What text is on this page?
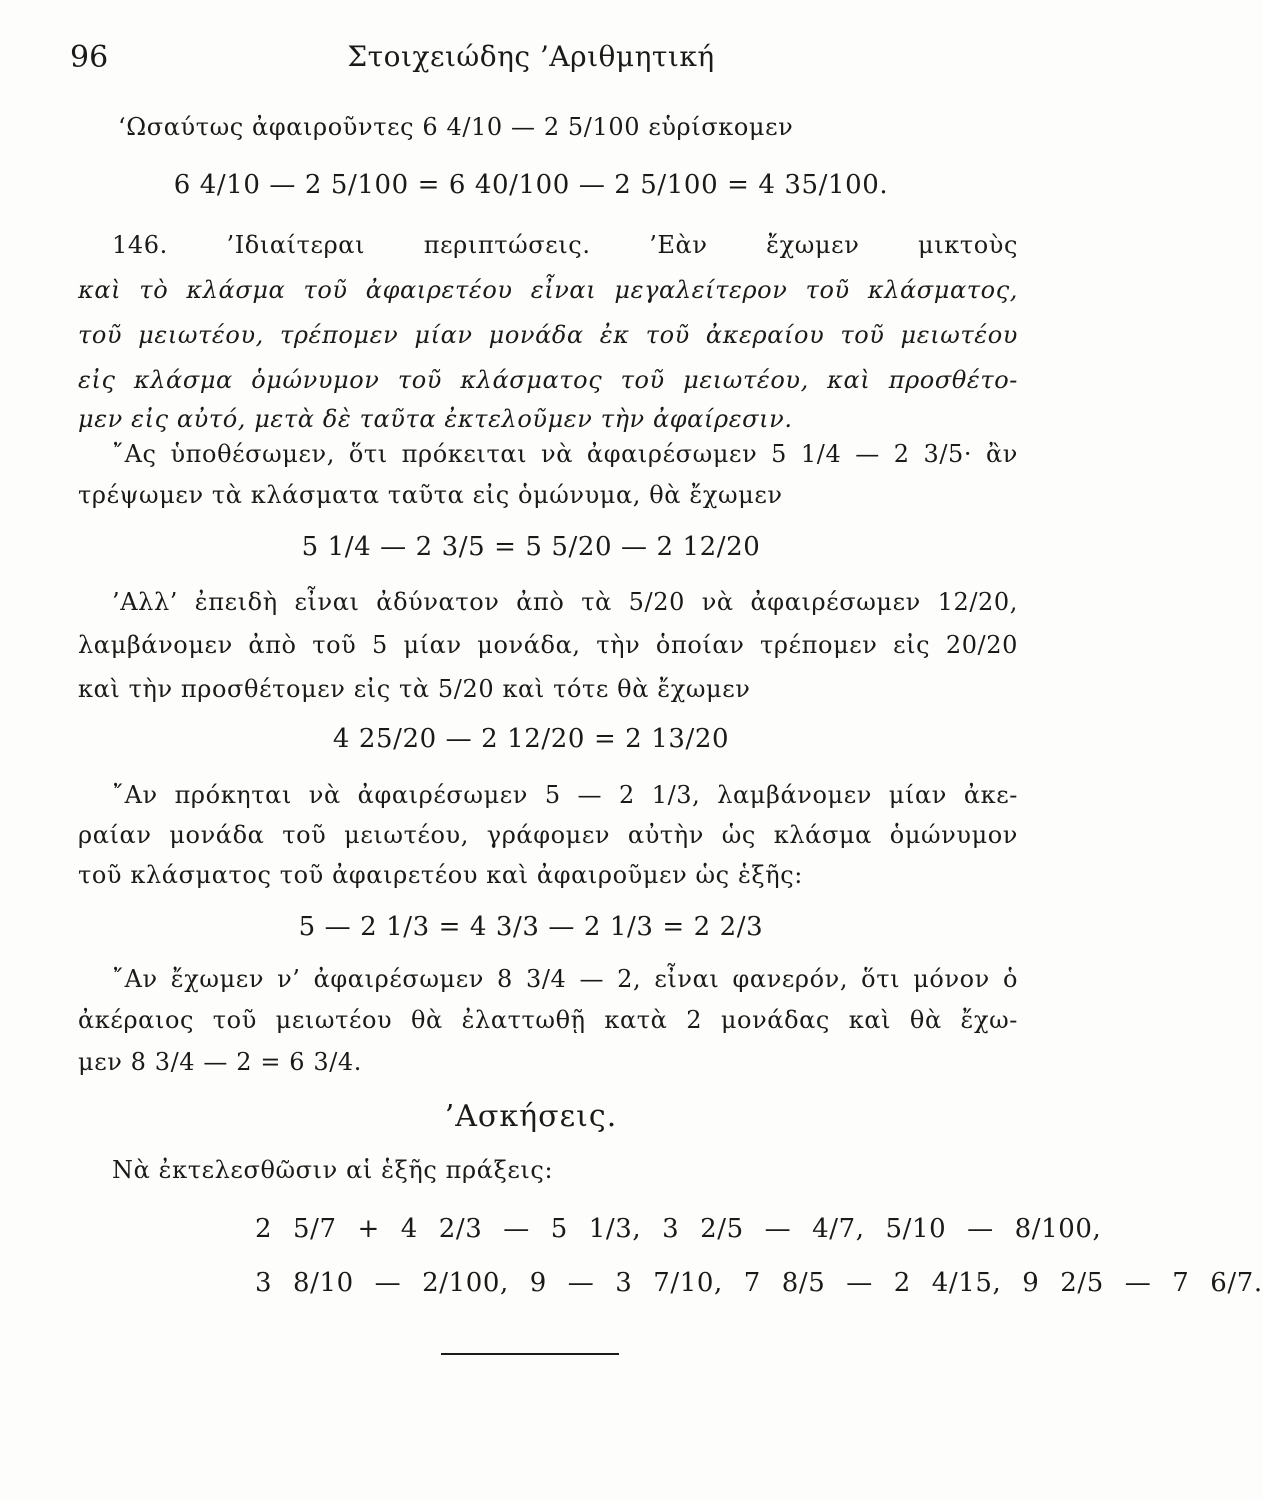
96	Στοιχειώδης ’Αριθμητική
‘Ωσαύτως ἀφαιροῦντες 6 4/10 — 2 5/100 εὑρίσκομεν
6 4/10 — 2 5/100 = 6 40/100 — 2 5/100 = 4 35/100.
146. ’Ιδιαίτεραι περιπτώσεις. ’Εὰν ἔχωμεν μικτοὺς
καὶ τὸ κλάσμα τοῦ ἀφαιρετέου εἶναι μεγαλείτερον τοῦ κλάσματος,
τοῦ μειωτέου, τρέπομεν μίαν μονάδα ἐκ τοῦ ἀκεραίου τοῦ μειωτέου
εἰς κλάσμα ὁμώνυμον τοῦ κλάσματος τοῦ μειωτέου, καὶ προσθέτο-
μεν εἰς αὐτό, μετὰ δὲ ταῦτα ἐκτελοῦμεν τὴν ἀφαίρεσιν.
῎Ας ὑποθέσωμεν, ὅτι πρόκειται νὰ ἀφαιρέσωμεν 5 1/4 — 2 3/5· ἂν
τρέψωμεν τὰ κλάσματα ταῦτα εἰς ὁμώνυμα, θὰ ἔχωμεν
5 1/4 — 2 3/5 = 5 5/20 — 2 12/20
’Αλλ’ ἐπειδὴ εἶναι ἀδύνατον ἀπὸ τὰ 5/20 νὰ ἀφαιρέσωμεν 12/20,
λαμβάνομεν ἀπὸ τοῦ 5 μίαν μονάδα, τὴν ὁποίαν τρέπομεν εἰς 20/20
καὶ τὴν προσθέτομεν εἰς τὰ 5/20 καὶ τότε θὰ ἔχωμεν
4 25/20 — 2 12/20 = 2 13/20
῎Αν πρόκηται νὰ ἀφαιρέσωμεν 5 — 2 1/3, λαμβάνομεν μίαν ἀκε-
ραίαν μονάδα τοῦ μειωτέου, γράφομεν αὐτὴν ὡς κλάσμα ὁμώνυμον
τοῦ κλάσματος τοῦ ἀφαιρετέου καὶ ἀφαιροῦμεν ὡς ἑξῆς:
5 — 2 1/3 = 4 3/3 — 2 1/3 = 2 2/3
῎Αν ἔχωμεν ν’ ἀφαιρέσωμεν 8 3/4 — 2, εἶναι φανερόν, ὅτι μόνον ὁ
ἀκέραιος τοῦ μειωτέου θὰ ἐλαττωθῇ κατὰ 2 μονάδας καὶ θὰ ἔχω-
μεν 8 3/4 — 2 = 6 3/4.
’Ασκήσεις.
Νὰ ἐκτελεσθῶσιν αἱ ἑξῆς πράξεις:
2 5/7 + 4 2/3 — 5 1/3, 3 2/5 — 4/7, 5/10 — 8/100,
3 8/10 — 2/100, 9 — 3 7/10, 7 8/5 — 2 4/15, 9 2/5 — 7 6/7.
